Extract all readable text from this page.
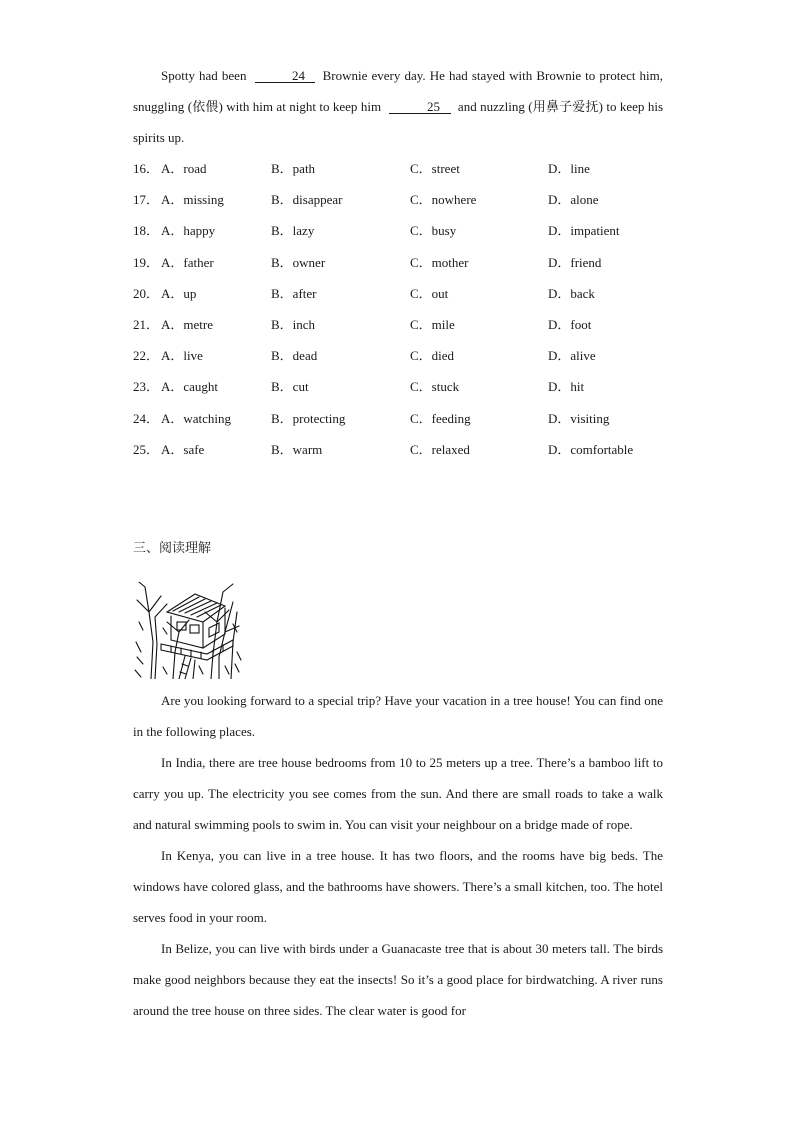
Spotty had been	24 Brownie every day. He had stayed with Brownie to protect him, snuggling (依偎) with him at night to keep him	25 and nuzzling (用鼻子爱抚) to keep his spirits up.

16． A．road	B．path	C．street	D．line
17． A．missing	B．disappear	C．nowhere	D．alone
18． A．happy	B．lazy	C．busy	D．impatient
19． A．father	B．owner	C．mother	D．friend
20． A．up	B．after	C．out	D．back
21． A．metre	B．inch	C．mile	D．foot
22． A．live	B．dead	C．died	D．alive
23． A．caught	B．cut	C．stuck	D．hit
24． A．watching	B．protecting	C．feeding	D．visiting
25． A．safe	B．warm	C．relaxed	D．comfortable
三、阅读理解

Are you looking forward to a special trip? Have your vacation in a tree house! You can find one in the following places.

In India, there are tree house bedrooms from 10 to 25 meters up a tree. There’s a bamboo lift to carry you up. The electricity you see comes from the sun. And there are small roads to take a walk and natural swimming pools to swim in. You can visit your neighbour on a bridge made of rope.

In Kenya, you can live in a tree house. It has two floors, and the rooms have big beds. The windows have colored glass, and the bathrooms have showers. There’s a small kitchen, too. The hotel serves food in your room.

In Belize, you can live with birds under a Guanacaste tree that is about 30 meters tall. The birds make good neighbors because they eat the insects! So it’s a good place for birdwatching. A river runs around the tree house on three sides. The clear water is good for
